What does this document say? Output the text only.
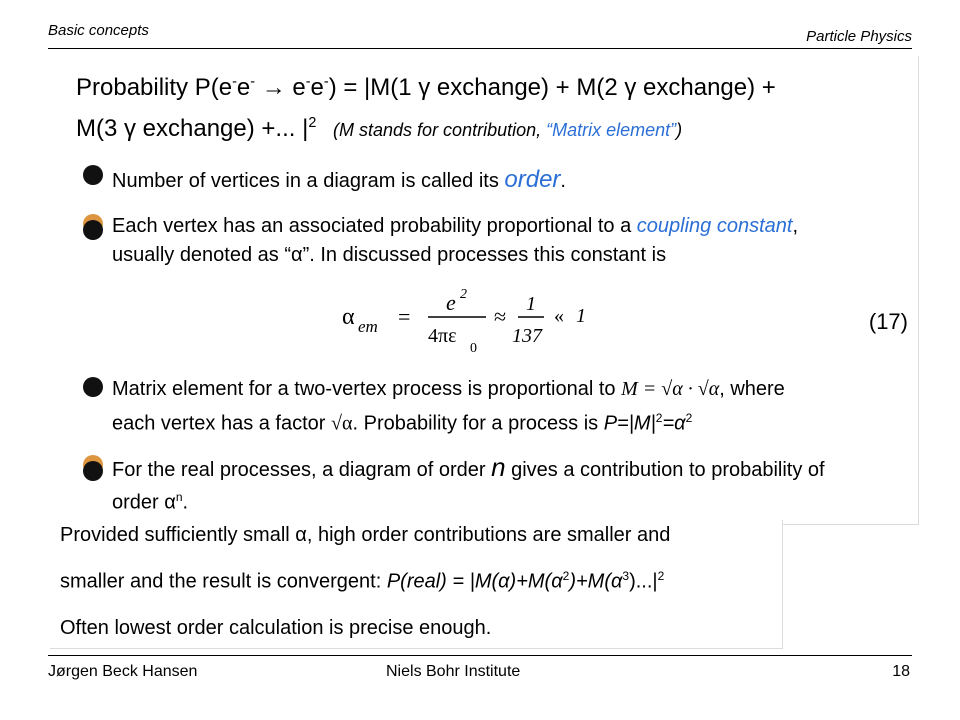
Basic concepts	Particle Physics
Probability P(e-e- → e-e-) = |M(1 γ exchange) + M(2 γ exchange) +
M(3 γ exchange) +... $|^2$ (M stands for contribution, “Matrix element”)
Number of vertices in a diagram is called its order.
Each vertex has an associated probability proportional to a coupling constant,
usually denoted as “α”. In discussed processes this constant is
α em =
e 2
4πε
0
≈ 1
137
« 1	(17)
Matrix element for a two-vertex process is proportional to M = √α · √α, where
each vertex has a factor √α. Probability for a process is $P=|M|^2=\alpha^2$
For the real processes, a diagram of order n gives a contribution to probability of
order $\alpha^n$.
Provided sufficiently small α, high order contributions are smaller and
smaller and the result is convergent: P(real) = $|M(\alpha)+M(\alpha^2)+M(\alpha^3)...|^2$
Often lowest order calculation is precise enough.
Jørgen Beck Hansen	Niels Bohr Institute	18
